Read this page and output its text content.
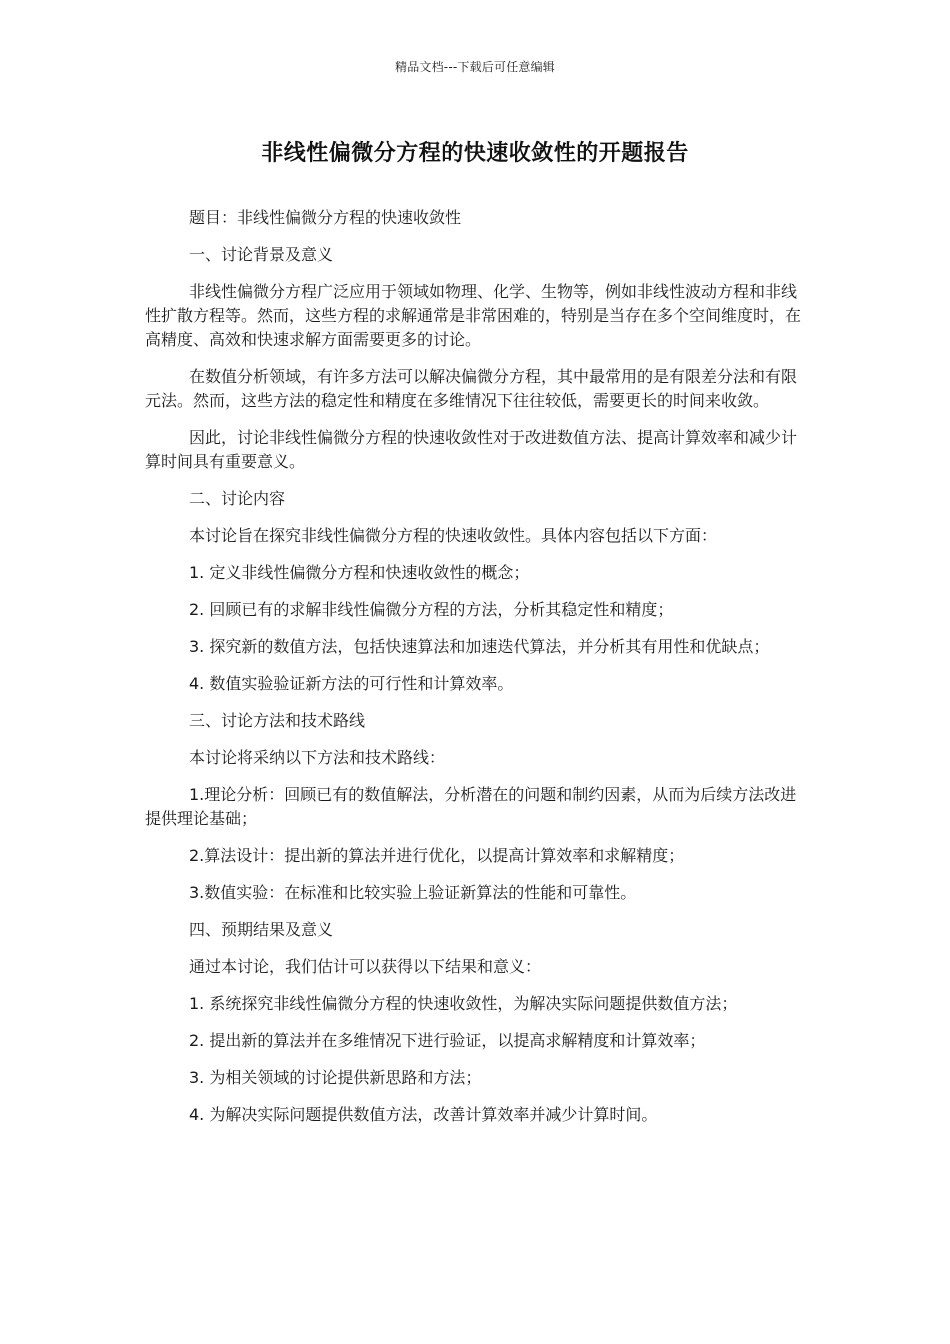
精品文档---下载后可任意编辑
非线性偏微分方程的快速收敛性的开题报告

题目：非线性偏微分方程的快速收敛性

一、讨论背景及意义

非线性偏微分方程广泛应用于领域如物理、化学、生物等，例如非线性波动方程和非线性扩散方程等。然而，这些方程的求解通常是非常困难的，特别是当存在多个空间维度时，在高精度、高效和快速求解方面需要更多的讨论。

在数值分析领域，有许多方法可以解决偏微分方程，其中最常用的是有限差分法和有限元法。然而，这些方法的稳定性和精度在多维情况下往往较低，需要更长的时间来收敛。

因此，讨论非线性偏微分方程的快速收敛性对于改进数值方法、提高计算效率和减少计算时间具有重要意义。

二、讨论内容

本讨论旨在探究非线性偏微分方程的快速收敛性。具体内容包括以下方面：

1. 定义非线性偏微分方程和快速收敛性的概念；

2. 回顾已有的求解非线性偏微分方程的方法，分析其稳定性和精度；

3. 探究新的数值方法，包括快速算法和加速迭代算法，并分析其有用性和优缺点；

4. 数值实验验证新方法的可行性和计算效率。

三、讨论方法和技术路线

本讨论将采纳以下方法和技术路线：

1.理论分析：回顾已有的数值解法，分析潜在的问题和制约因素，从而为后续方法改进提供理论基础；

2.算法设计：提出新的算法并进行优化，以提高计算效率和求解精度；

3.数值实验：在标准和比较实验上验证新算法的性能和可靠性。

四、预期结果及意义

通过本讨论，我们估计可以获得以下结果和意义：

1. 系统探究非线性偏微分方程的快速收敛性，为解决实际问题提供数值方法；

2. 提出新的算法并在多维情况下进行验证，以提高求解精度和计算效率；

3. 为相关领域的讨论提供新思路和方法；

4. 为解决实际问题提供数值方法，改善计算效率并减少计算时间。
